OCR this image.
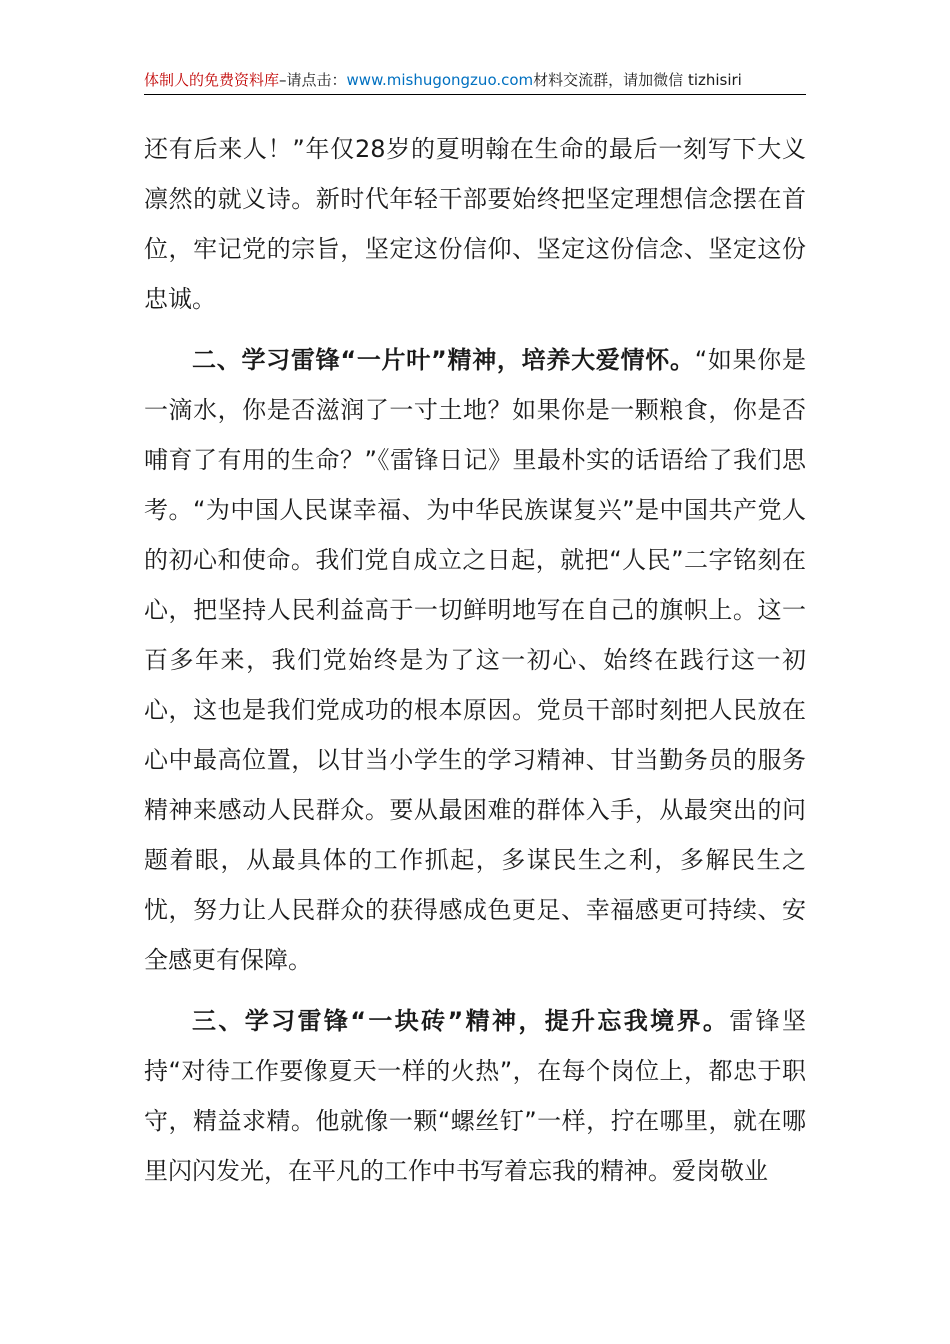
体制人的免费资料库–请点击：www.mishugongzuo.com材料交流群，请加微信 tizhisiri

还有后来人！”年仅28岁的夏明翰在生命的最后一刻写下大义凛然的就义诗。新时代年轻干部要始终把坚定理想信念摆在首位，牢记党的宗旨，坚定这份信仰、坚定这份信念、坚定这份忠诚。

二、学习雷锋“一片叶”精神，培养大爱情怀。“如果你是一滴水，你是否滋润了一寸土地？如果你是一颗粮食，你是否哺育了有用的生命？”《雷锋日记》里最朴实的话语给了我们思考。“为中国人民谋幸福、为中华民族谋复兴”是中国共产党人的初心和使命。我们党自成立之日起，就把“人民”二字铭刻在心，把坚持人民利益高于一切鲜明地写在自己的旗帜上。这一百多年来，我们党始终是为了这一初心、始终在践行这一初心，这也是我们党成功的根本原因。党员干部时刻把人民放在心中最高位置，以甘当小学生的学习精神、甘当勤务员的服务精神来感动人民群众。要从最困难的群体入手，从最突出的问题着眼，从最具体的工作抓起，多谋民生之利，多解民生之忧，努力让人民群众的获得感成色更足、幸福感更可持续、安全感更有保障。

三、学习雷锋“一块砖”精神，提升忘我境界。雷锋坚持“对待工作要像夏天一样的火热”，在每个岗位上，都忠于职守，精益求精。他就像一颗“螺丝钉”一样，拧在哪里，就在哪里闪闪发光，在平凡的工作中书写着忘我的精神。爱岗敬业
